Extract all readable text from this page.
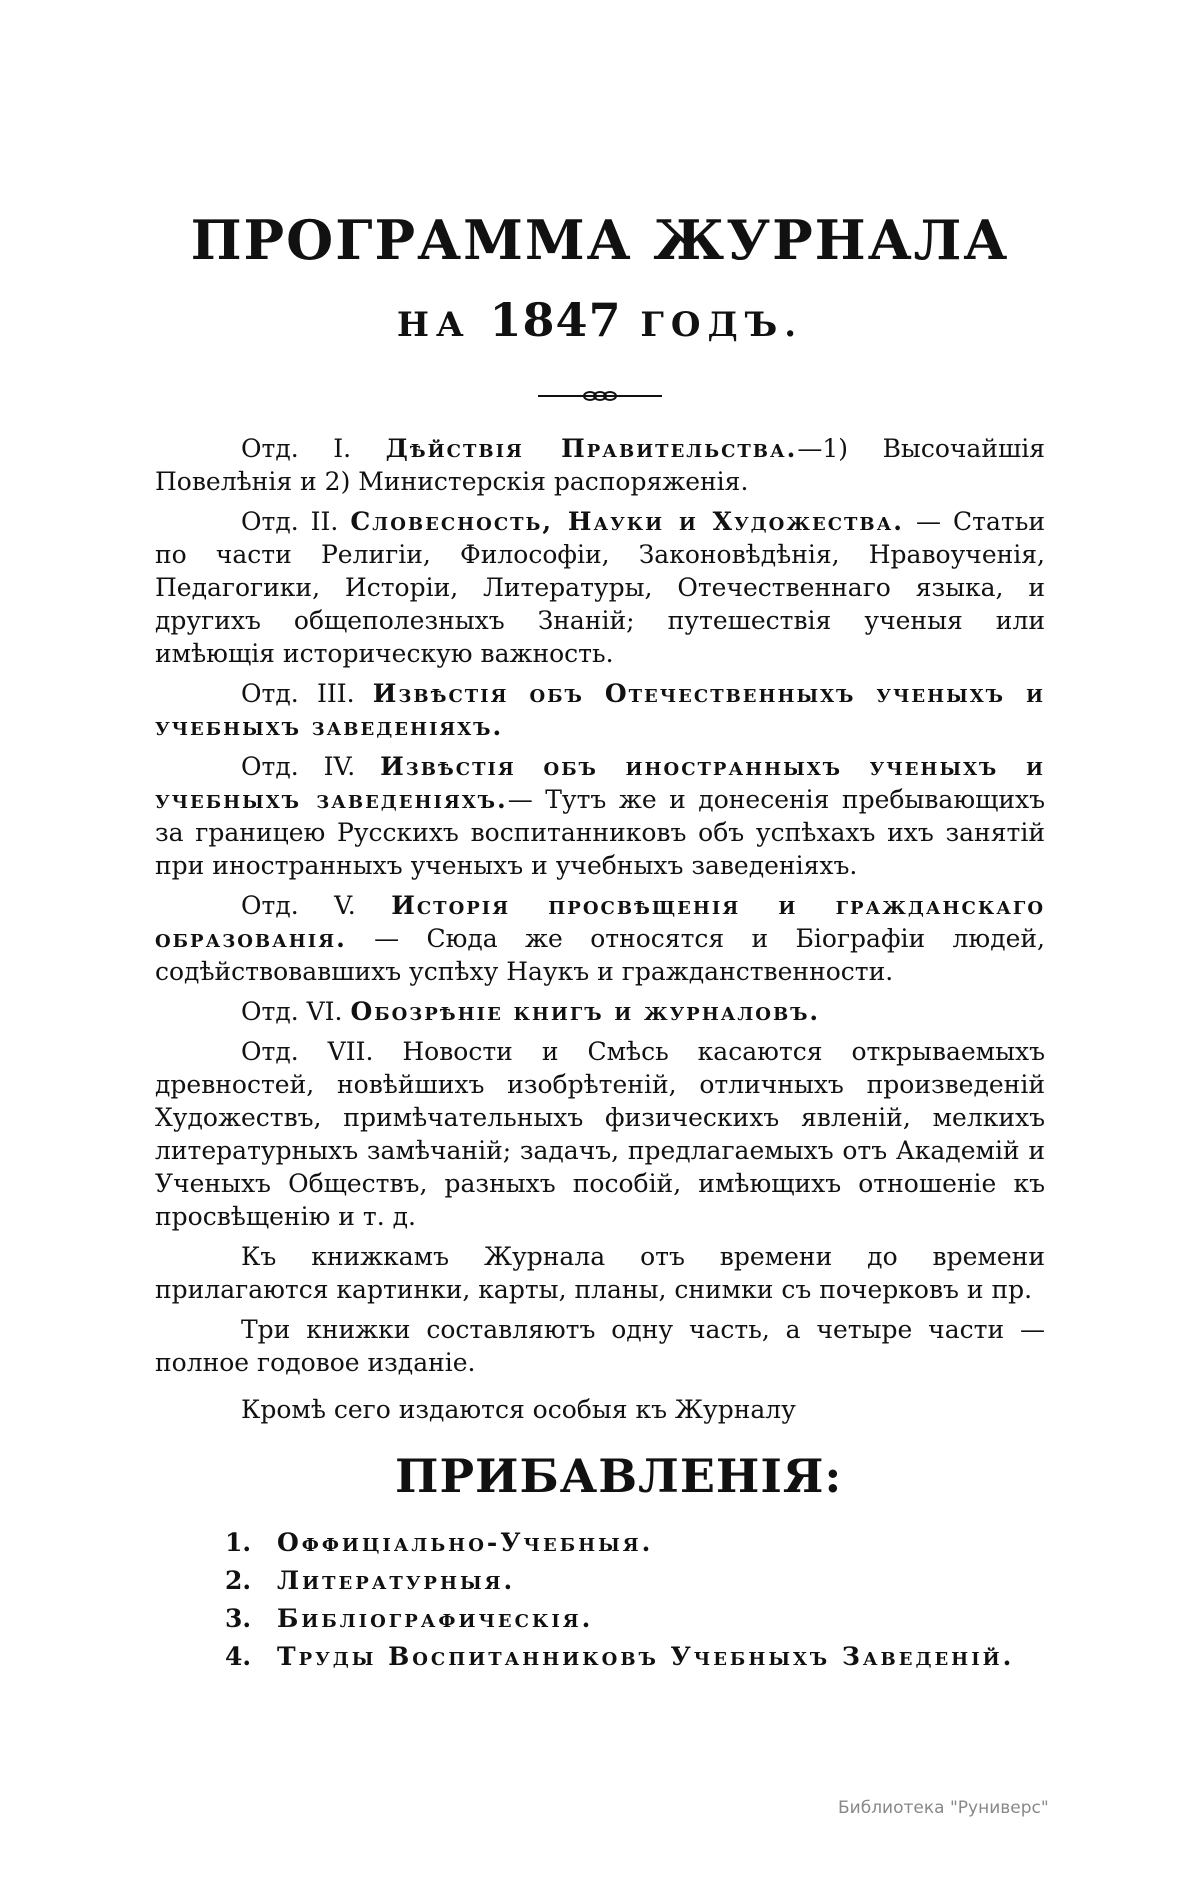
ПРОГРАММА ЖУРНАЛА
НА 1847 ГОДЪ.

Отд. I. Дѣйствія Правительства.—1) Высочайшія Повелѣнія и 2) Министерскія распоряженія.

Отд. II. Словесность, Науки и Художества. — Статьи по части Религіи, Философіи, Законовѣдѣнія, Нравоученія, Педагогики, Исторіи, Литературы, Отечественнаго языка, и другихъ общеполезныхъ Знаній; путешествія ученыя или имѣющія историческую важность.

Отд. III. Извѣстія объ Отечественныхъ ученыхъ и учебныхъ заведеніяхъ.

Отд. IV. Извѣстія объ иностранныхъ ученыхъ и учебныхъ заведеніяхъ.— Тутъ же и донесенія пребывающихъ за границею Русскихъ воспитанниковъ объ успѣхахъ ихъ занятій при иностранныхъ ученыхъ и учебныхъ заведеніяхъ.

Отд. V. Исторія просвѣщенія и гражданскаго образованія. — Сюда же относятся и Біографіи людей, содѣйствовавшихъ успѣху Наукъ и гражданственности.

Отд. VI. Обозрѣніе книгъ и журналовъ.

Отд. VII. Новости и Смѣсь касаются открываемыхъ древностей, новѣйшихъ изобрѣтеній, отличныхъ произведеній Художествъ, примѣчательныхъ физическихъ явленій, мелкихъ литературныхъ замѣчаній; задачъ, предлагаемыхъ отъ Академій и Ученыхъ Обществъ, разныхъ пособій, имѣющихъ отношеніе къ просвѣщенію и т. д.

Къ книжкамъ Журнала отъ времени до времени прилагаются картинки, карты, планы, снимки съ почерковъ и пр.

Три книжки составляютъ одну часть, а четыре части — полное годовое изданіе.

Кромѣ сего издаются особыя къ Журналу

ПРИБАВЛЕНІЯ:
1.	Оффиціально-Учебныя.
2.	Литературныя.
3.	Библіографическія.
4.	Труды Воспитанниковъ Учебныхъ Заведеній.
Библиотека "Руниверс"
